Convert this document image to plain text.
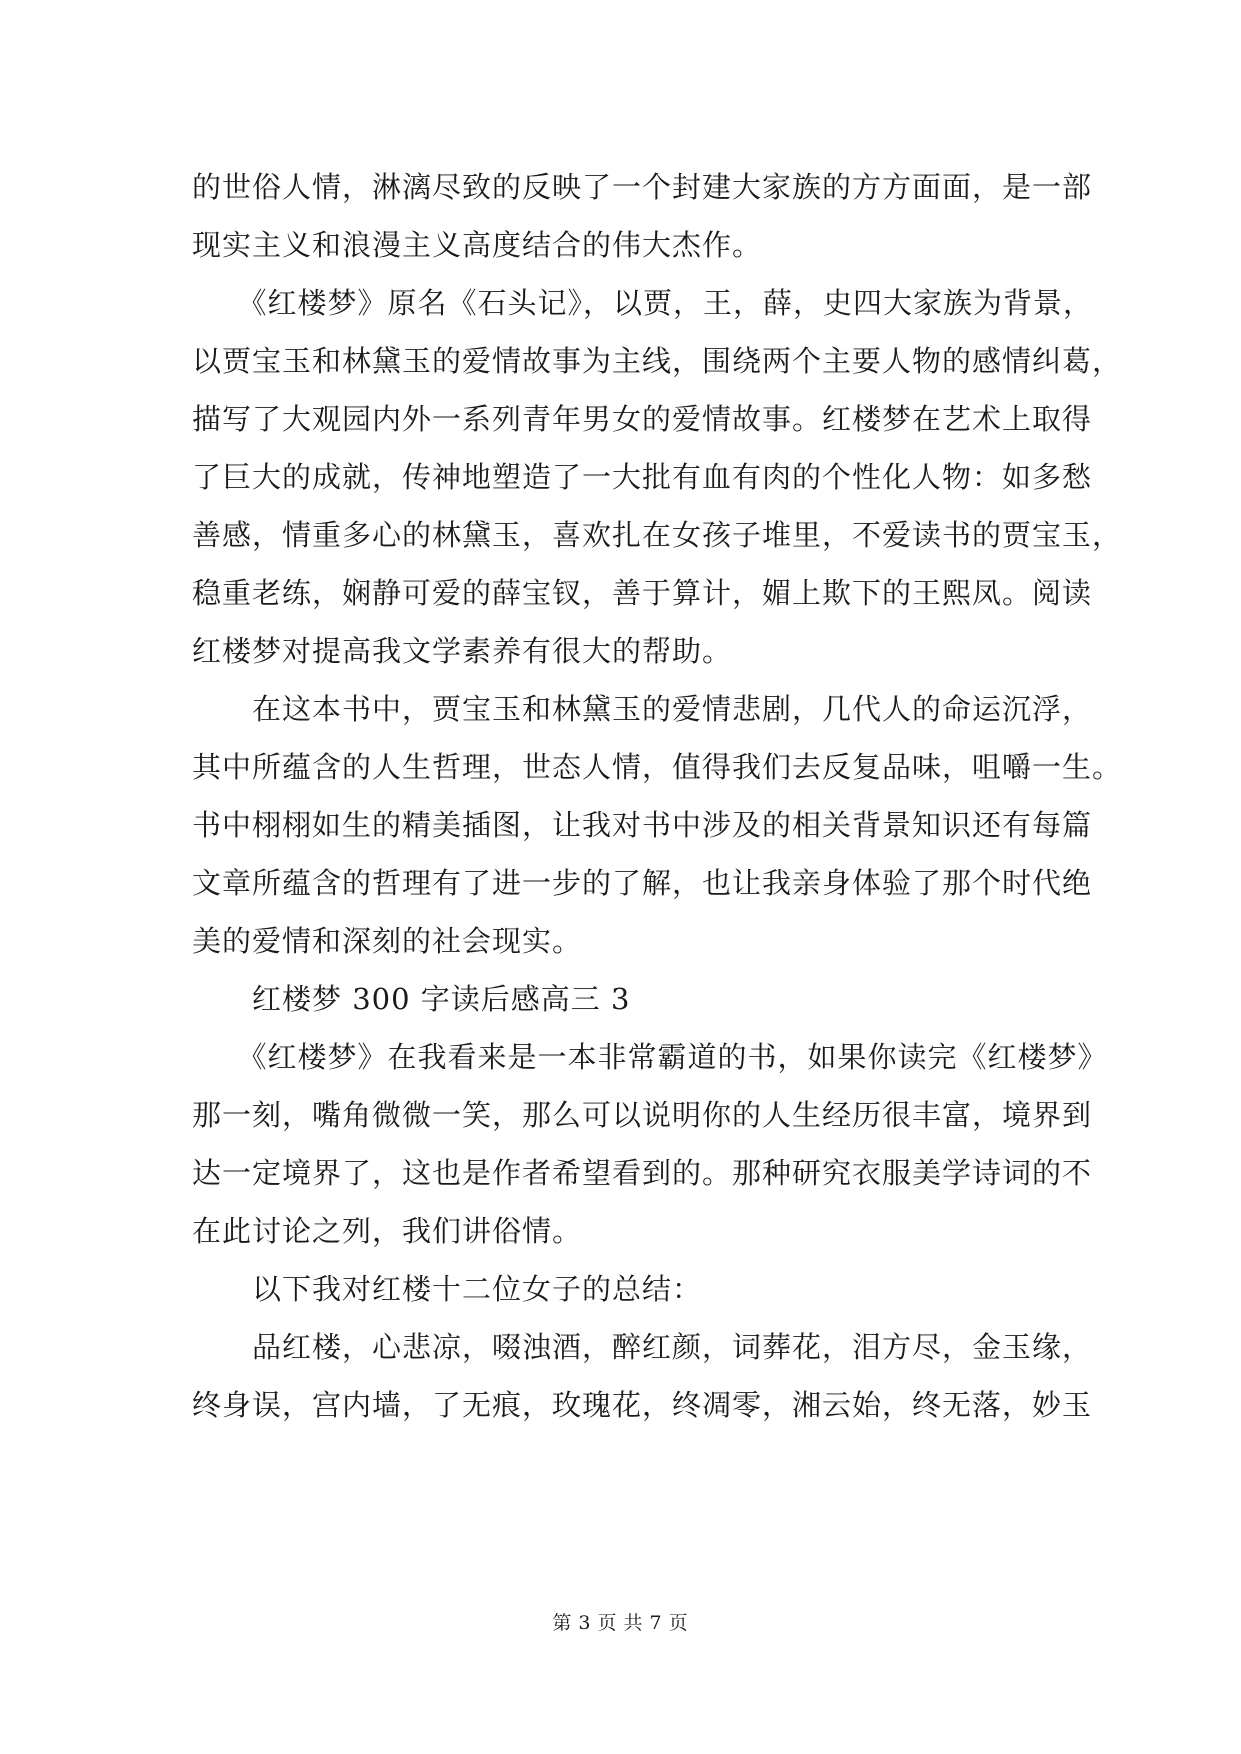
的世俗人情，淋漓尽致的反映了一个封建大家族的方方面面，是一部
现实主义和浪漫主义高度结合的伟大杰作。
　　《红楼梦》原名《石头记》，以贾，王，薛，史四大家族为背景，
以贾宝玉和林黛玉的爱情故事为主线，围绕两个主要人物的感情纠葛，
描写了大观园内外一系列青年男女的爱情故事。红楼梦在艺术上取得
了巨大的成就，传神地塑造了一大批有血有肉的个性化人物：如多愁
善感，情重多心的林黛玉，喜欢扎在女孩子堆里，不爱读书的贾宝玉，
稳重老练，娴静可爱的薛宝钗，善于算计，媚上欺下的王熙凤。阅读
红楼梦对提高我文学素养有很大的帮助。
　　在这本书中，贾宝玉和林黛玉的爱情悲剧，几代人的命运沉浮，
其中所蕴含的人生哲理，世态人情，值得我们去反复品味，咀嚼一生。
书中栩栩如生的精美插图，让我对书中涉及的相关背景知识还有每篇
文章所蕴含的哲理有了进一步的了解，也让我亲身体验了那个时代绝
美的爱情和深刻的社会现实。
　　红楼梦 300 字读后感高三 3
　　《红楼梦》在我看来是一本非常霸道的书，如果你读完《红楼梦》
那一刻，嘴角微微一笑，那么可以说明你的人生经历很丰富，境界到
达一定境界了，这也是作者希望看到的。那种研究衣服美学诗词的不
在此讨论之列，我们讲俗情。
　　以下我对红楼十二位女子的总结：
　　品红楼，心悲凉，啜浊酒，醉红颜，词葬花，泪方尽，金玉缘，
终身误，宫内墙，了无痕，玫瑰花，终凋零，湘云始，终无落，妙玉
第 3 页 共 7 页
